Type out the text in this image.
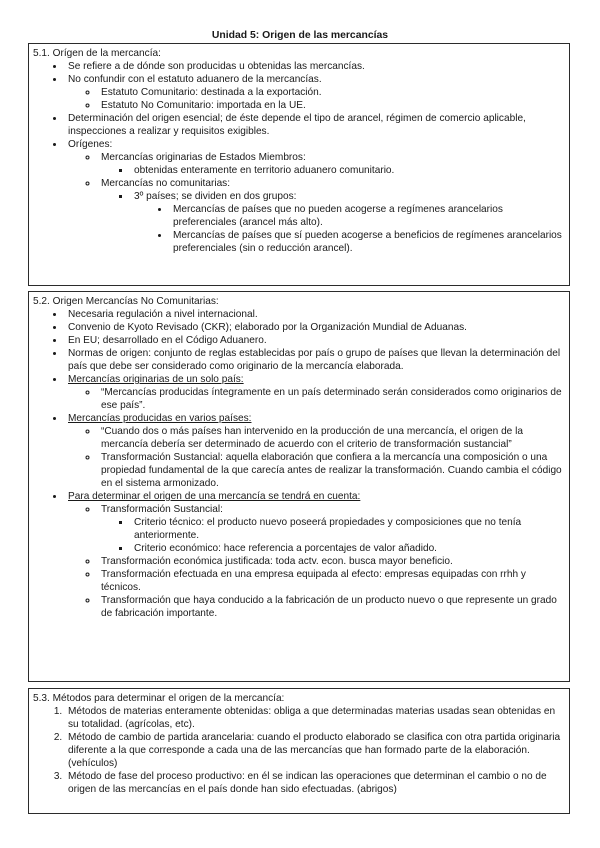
Unidad 5: Origen de las mercancías

5.1. Orígen de la mercancía:

• Se refiere a de dónde son producidas u obtenidas las mercancías.
• No confundir con el estatuto aduanero de la mercancías.
◦ Estatuto Comunitario: destinada a la exportación.
◦ Estatuto No Comunitario: importada en la UE.
• Determinación del origen esencial; de éste depende el tipo de arancel, régimen de comercio aplicable, inspecciones a realizar y requisitos exigibles.
• Orígenes:
◦ Mercancías originarias de Estados Miembros:
▪ obtenidas enteramente en territorio aduanero comunitario.
◦ Mercancías no comunitarias:
▪ 3º países; se dividen en dos grupos:
• Mercancías de países que no pueden acogerse a regímenes arancelarios preferenciales (arancel más alto).
• Mercancías de países que sí pueden acogerse a beneficios de regímenes arancelarios preferenciales (sin o reducción arancel).

5.2. Origen Mercancías No Comunitarias:

• Necesaria regulación a nivel internacional.
• Convenio de Kyoto Revisado (CKR); elaborado por la Organización Mundial de Aduanas.
• En EU; desarrollado en el Código Aduanero.
• Normas de origen: conjunto de reglas establecidas por país o grupo de países que llevan la determinación del país que debe ser considerado como originario de la mercancía elaborada.
• Mercancías originarias de un solo país:
◦ “Mercancías producidas íntegramente en un país determinado serán considerados como originarios de ese país”.
• Mercancías producidas en varios países:
◦ “Cuando dos o más países han intervenido en la producción de una mercancía, el origen de la mercancía debería ser determinado de acuerdo con el criterio de transformación sustancial”
◦ Transformación Sustancial: aquella elaboración que confiera a la mercancía una composición o una propiedad fundamental de la que carecía antes de realizar la transformación. Cuando cambia el código en el sistema armonizado.
• Para determinar el origen de una mercancía se tendrá en cuenta:
◦ Transformación Sustancial:
▪ Criterio técnico: el producto nuevo poseerá propiedades y composiciones que no tenía anteriormente.
▪ Criterio económico: hace referencia a porcentajes de valor añadido.
◦ Transformación económica justificada: toda actv. econ. busca mayor beneficio.
◦ Transformación efectuada en una empresa equipada al efecto: empresas equipadas con rrhh y técnicos.
◦ Transformación que haya conducido a la fabricación de un producto nuevo o que represente un grado de fabricación importante.

5.3. Métodos para determinar el origen de la mercancía:

1. Métodos de materias enteramente obtenidas: obliga a que determinadas materias usadas sean obtenidas en su totalidad. (agrícolas, etc).
2. Método de cambio de partida arancelaria: cuando el producto elaborado se clasifica con otra partida originaria diferente a la que corresponde a cada una de las mercancías que han formado parte de la elaboración. (vehículos)
3. Método de fase del proceso productivo: en él se indican las operaciones que determinan el cambio o no de origen de las mercancías en el país donde han sido efectuadas. (abrigos)
